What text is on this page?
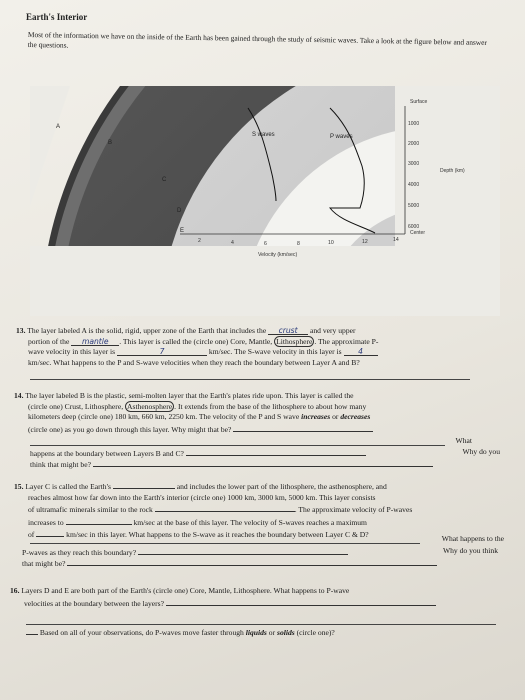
Earth's Interior
Most of the information we have on the inside of the Earth has been gained through the study of seismic waves. Take a look at the figure below and answer the questions.
A
B
C
D
E
S waves	P waves
Surface
1000
2000
3000
Depth (km)
4000
5000
6000
Center
2	4	6	8	10	12	14
Velocity (km/sec)
13. The layer labeled A is the solid, rigid, upper zone of the Earth that includes the crust and very upper
portion of the mantle . This layer is called the (circle one) Core, Mantle, Lithosphere . The approximate P-
wave velocity in this layer is	7	km/sec. The S-wave velocity in this layer is 4
km/sec. What happens to the P and S-wave velocities when they reach the boundary between Layer A and B?
14. The layer labeled B is the plastic, semi-molten layer that the Earth's plates ride upon. This layer is called the
(circle one) Crust, Lithosphere, Asthenosphere . It extends from the base of the lithosphere to about how many
kilometers deep (circle one) 180 km, 660 km, 2250 km. The velocity of the P and S wave increases or decreases
(circle one) as you go down through this layer. Why might that be?
What
happens at the boundary between Layers B and C?	Why do you
think that might be?
15. Layer C is called the Earth's	and includes the lower part of the lithosphere, the asthenosphere, and
reaches almost how far down into the Earth's interior (circle one) 1000 km, 3000 km, 5000 km. This layer consists
of ultramafic minerals similar to the rock	. The approximate velocity of P-waves
increases to	km/sec at the base of this layer. The velocity of S-waves reaches a maximum
of	km/sec in this layer. What happens to the S-wave as it reaches the boundary between Layer C & D?	What happens to the
P-waves as they reach this boundary?	Why do you think
that might be?
16. Layers D and E are both part of the Earth's (circle one) Core, Mantle, Lithosphere. What happens to P-wave
velocities at the boundary between the layers?
Based on all of your observations, do P-waves move faster through liquids or solids (circle one)?
